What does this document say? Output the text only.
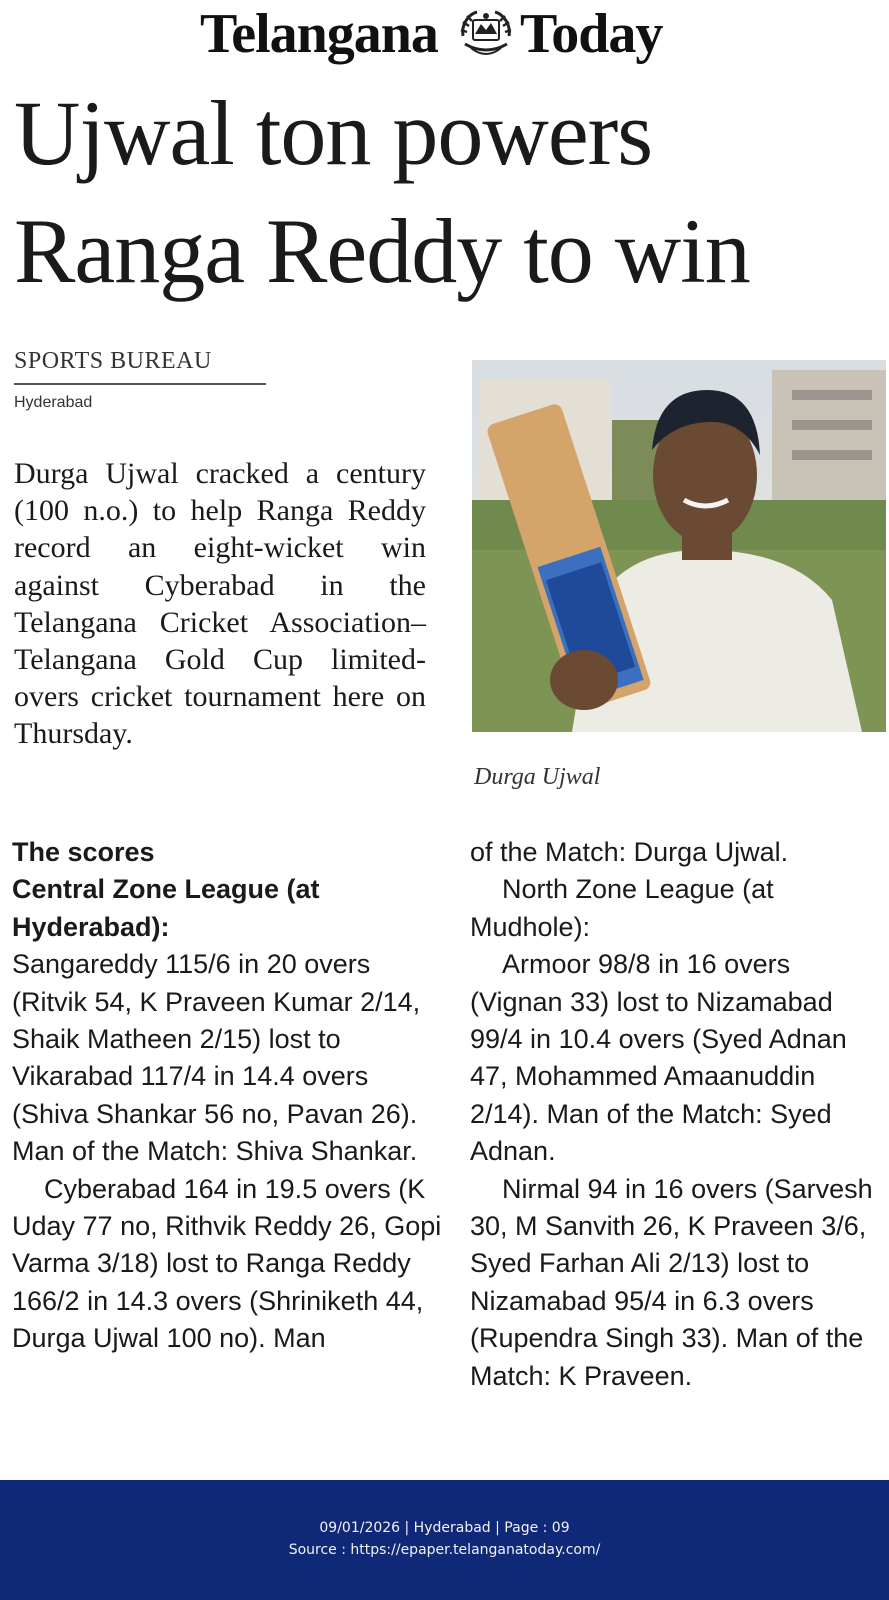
Telangana Today
Ujwal ton powers
Ranga Reddy to win
SPORTS BUREAU
Hyderabad

Durga Ujwal cracked a century (100 n.o.) to help Ranga Reddy record an eight-wicket win against Cyberabad in the Telangana Cricket Association–Telangana Gold Cup limited-overs cricket tournament here on Thursday.

Durga Ujwal

The scores

Central Zone League (at Hyderabad):

Sangareddy 115/6 in 20 overs (Ritvik 54, K Praveen Kumar 2/14, Shaik Matheen 2/15) lost to Vikarabad 117/4 in 14.4 overs (Shiva Shankar 56 no, Pavan 26). Man of the Match: Shiva Shankar.

Cyberabad 164 in 19.5 overs (K Uday 77 no, Rithvik Reddy 26, Gopi Varma 3/18) lost to Ranga Reddy 166/2 in 14.3 overs (Shriniketh 44, Durga Ujwal 100 no). Man

of the Match: Durga Ujwal.

North Zone League (at Mudhole):

Armoor 98/8 in 16 overs (Vignan 33) lost to Nizamabad 99/4 in 10.4 overs (Syed Adnan 47, Mohammed Amaanuddin 2/14). Man of the Match: Syed Adnan.

Nirmal 94 in 16 overs (Sarvesh 30, M Sanvith 26, K Praveen 3/6, Syed Farhan Ali 2/13) lost to Nizamabad 95/4 in 6.3 overs (Rupendra Singh 33). Man of the Match: K Praveen.

09/01/2026 | Hyderabad | Page : 09
Source : https://epaper.telanganatoday.com/
